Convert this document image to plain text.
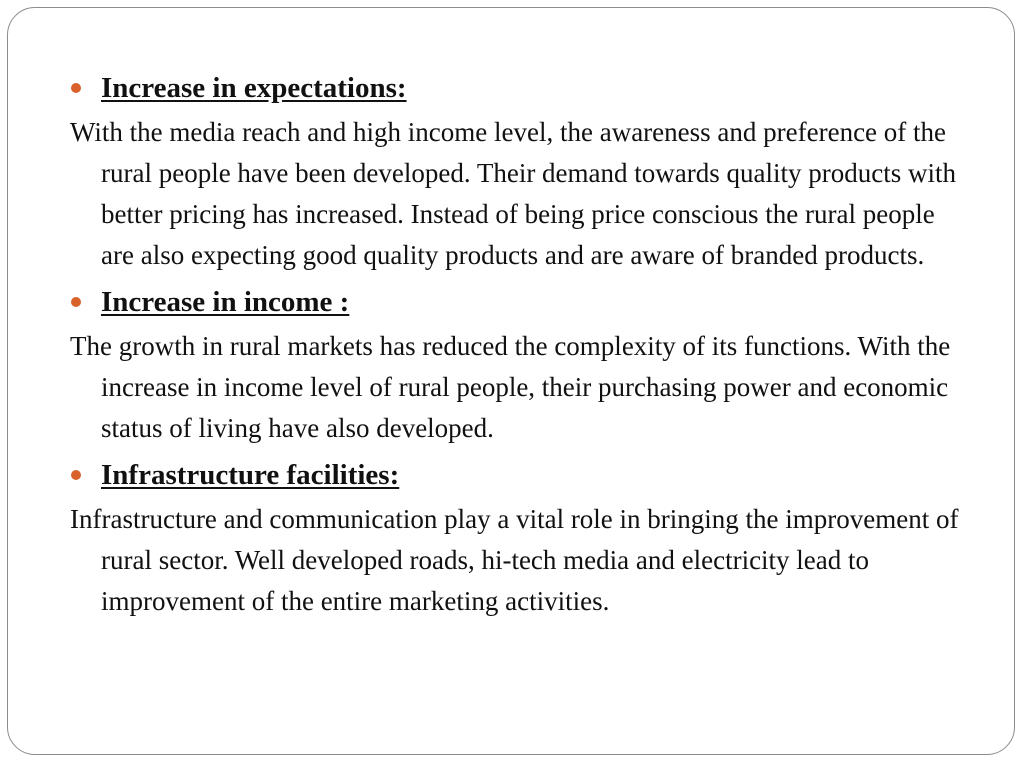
Increase in expectations:

With the media reach and high income level, the awareness and preference of the rural people have been developed. Their demand towards quality products with better pricing has increased. Instead of being price conscious the rural people are also expecting good quality products and are aware of branded products.

Increase in income :

The growth in rural markets has reduced the complexity of its functions. With the increase in income level of rural people, their purchasing power and economic status of living have also developed.

Infrastructure facilities:

Infrastructure and communication play a vital role in bringing the improvement of rural sector. Well developed roads, hi-tech media and electricity lead to improvement of the entire marketing activities.
